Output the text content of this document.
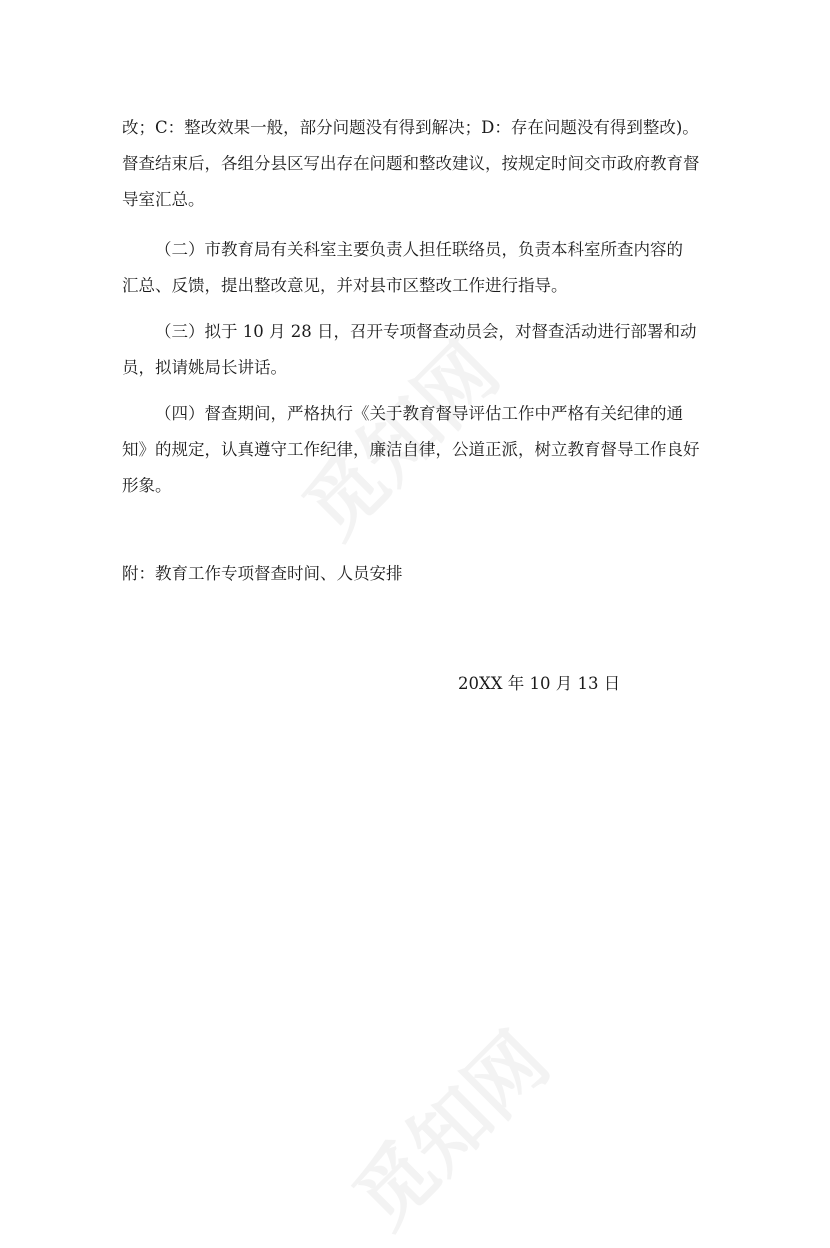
改；C：整改效果一般，部分问题没有得到解决；D：存在问题没有得到整改)。
督查结束后，各组分县区写出存在问题和整改建议，按规定时间交市政府教育督
导室汇总。
（二）市教育局有关科室主要负责人担任联络员，负责本科室所查内容的
汇总、反馈，提出整改意见，并对县市区整改工作进行指导。
（三）拟于 10 月 28 日，召开专项督查动员会，对督查活动进行部署和动
员，拟请姚局长讲话。
（四）督查期间，严格执行《关于教育督导评估工作中严格有关纪律的通
知》的规定，认真遵守工作纪律，廉洁自律，公道正派，树立教育督导工作良好
形象。
附：教育工作专项督查时间、人员安排
20XX 年 10 月 13 日
